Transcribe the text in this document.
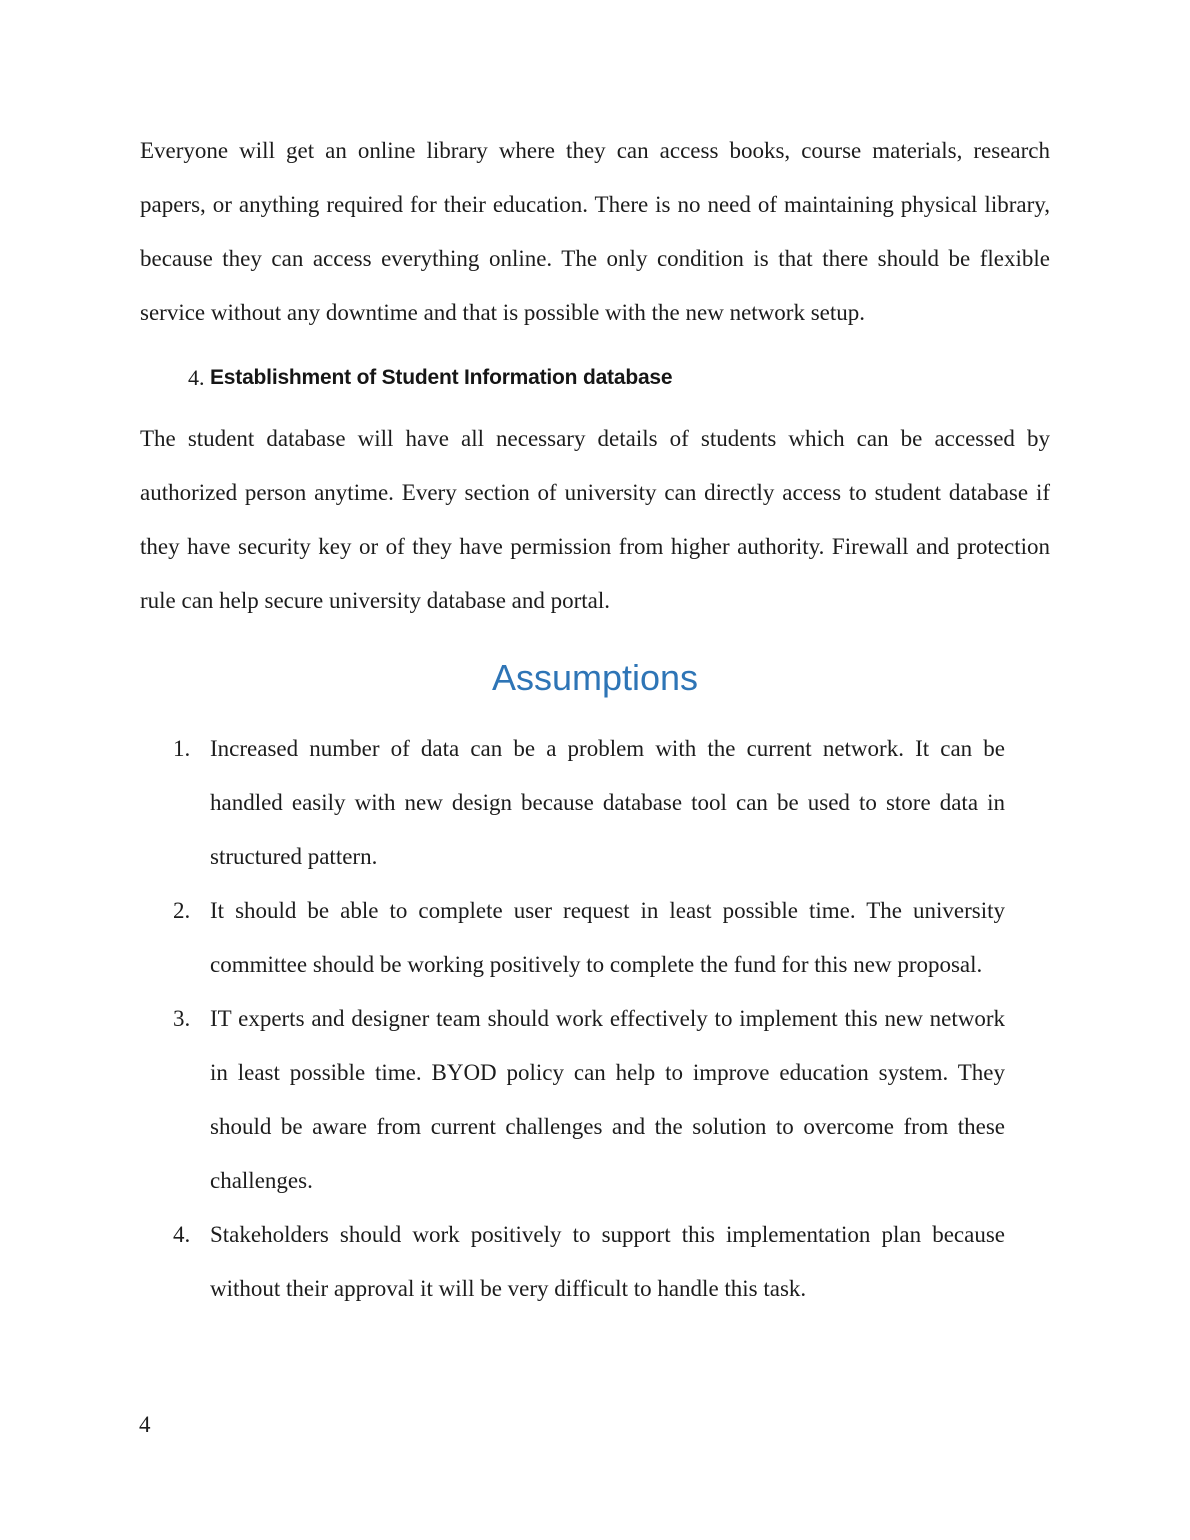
Everyone will get an online library where they can access books, course materials, research papers, or anything required for their education. There is no need of maintaining physical library, because they can access everything online. The only condition is that there should be flexible service without any downtime and that is possible with the new network setup.

4. Establishment of Student Information database

The student database will have all necessary details of students which can be accessed by authorized person anytime. Every section of university can directly access to student database if they have security key or of they have permission from higher authority. Firewall and protection rule can help secure university database and portal.

Assumptions
1. Increased number of data can be a problem with the current network. It can be handled easily with new design because database tool can be used to store data in structured pattern.
2. It should be able to complete user request in least possible time. The university committee should be working positively to complete the fund for this new proposal.
3. IT experts and designer team should work effectively to implement this new network in least possible time. BYOD policy can help to improve education system. They should be aware from current challenges and the solution to overcome from these challenges.
4. Stakeholders should work positively to support this implementation plan because without their approval it will be very difficult to handle this task.
4
